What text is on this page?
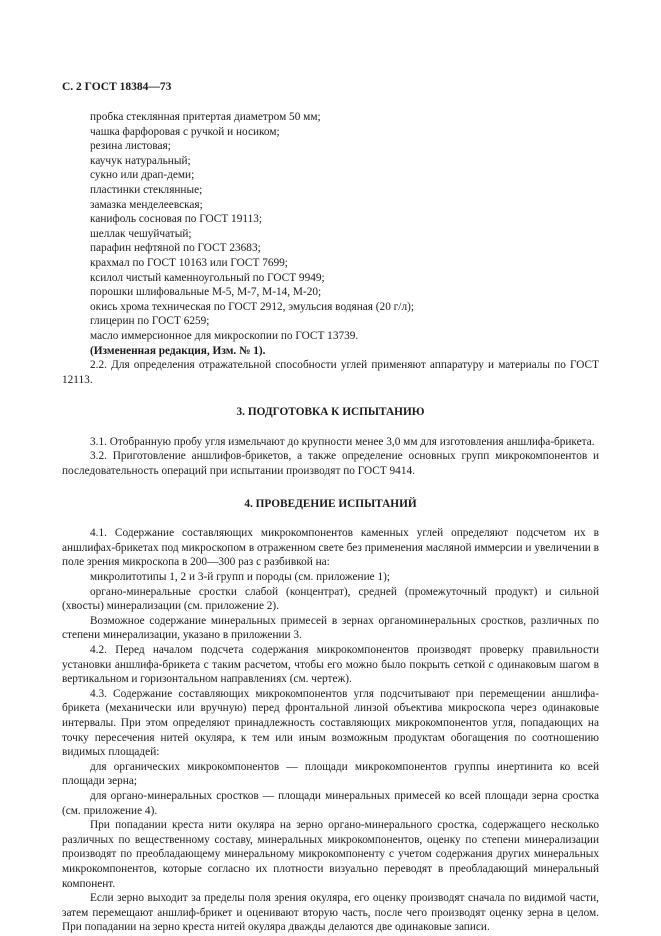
С. 2 ГОСТ 18384—73
пробка стеклянная притертая диаметром 50 мм;
чашка фарфоровая с ручкой и носиком;
резина листовая;
каучук натуральный;
сукно или драп-деми;
пластинки стеклянные;
замазка менделеевская;
канифоль сосновая по ГОСТ 19113;
шеллак чешуйчатый;
парафин нефтяной по ГОСТ 23683;
крахмал по ГОСТ 10163 или ГОСТ 7699;
ксилол чистый каменноугольный по ГОСТ 9949;
порошки шлифовальные М-5, М-7, М-14, М-20;
окись хрома техническая по ГОСТ 2912, эмульсия водяная (20 г/л);
глицерин по ГОСТ 6259;
масло иммерсионное для микроскопии по ГОСТ 13739.
(Измененная редакция, Изм. № 1).

2.2. Для определения отражательной способности углей применяют аппаратуру и материалы по ГОСТ 12113.

3. ПОДГОТОВКА К ИСПЫТАНИЮ

3.1. Отобранную пробу угля измельчают до крупности менее 3,0 мм для изготовления аншлифа-брикета.

3.2. Приготовление аншлифов-брикетов, а также определение основных групп микрокомпонентов и последовательность операций при испытании производят по ГОСТ 9414.

4. ПРОВЕДЕНИЕ ИСПЫТАНИЙ

4.1. Содержание составляющих микрокомпонентов каменных углей определяют подсчетом их в аншлифах-брикетах под микроскопом в отраженном свете без применения масляной иммерсии и увеличении в поле зрения микроскопа в 200—300 раз с разбивкой на:

микролитотипы 1, 2 и 3-й групп и породы (см. приложение 1);

органо-минеральные сростки слабой (концентрат), средней (промежуточный продукт) и сильной (хвосты) минерализации (см. приложение 2).

Возможное содержание минеральных примесей в зернах органоминеральных сростков, различных по степени минерализации, указано в приложении 3.

4.2. Перед началом подсчета содержания микрокомпонентов производят проверку правильности установки аншлифа-брикета с таким расчетом, чтобы его можно было покрыть сеткой с одинаковым шагом в вертикальном и горизонтальном направлениях (см. чертеж).

4.3. Содержание составляющих микрокомпонентов угля подсчитывают при перемещении аншлифа-брикета (механически или вручную) перед фронтальной линзой объектива микроскопа через одинаковые интервалы. При этом определяют принадлежность составляющих микрокомпонентов угля, попадающих на точку пересечения нитей окуляра, к тем или иным возможным продуктам обогащения по соотношению видимых площадей:

для органических микрокомпонентов — площади микрокомпонентов группы инертинита ко всей площади зерна;

для органо-минеральных сростков — площади минеральных примесей ко всей площади зерна сростка (см. приложение 4).

При попадании креста нити окуляра на зерно органо-минерального сростка, содержащего несколько различных по вещественному составу, минеральных микрокомпонентов, оценку по степени минерализации производят по преобладающему минеральному микрокомпоненту с учетом содержания других минеральных микрокомпонентов, которые согласно их плотности визуально переводят в преобладающий минеральный компонент.

Если зерно выходит за пределы поля зрения окуляра, его оценку производят сначала по видимой части, затем перемещают аншлиф-брикет и оценивают вторую часть, после чего производят оценку зерна в целом. При попадании на зерно креста нитей окуляра дважды делаются две одинаковые записи.
